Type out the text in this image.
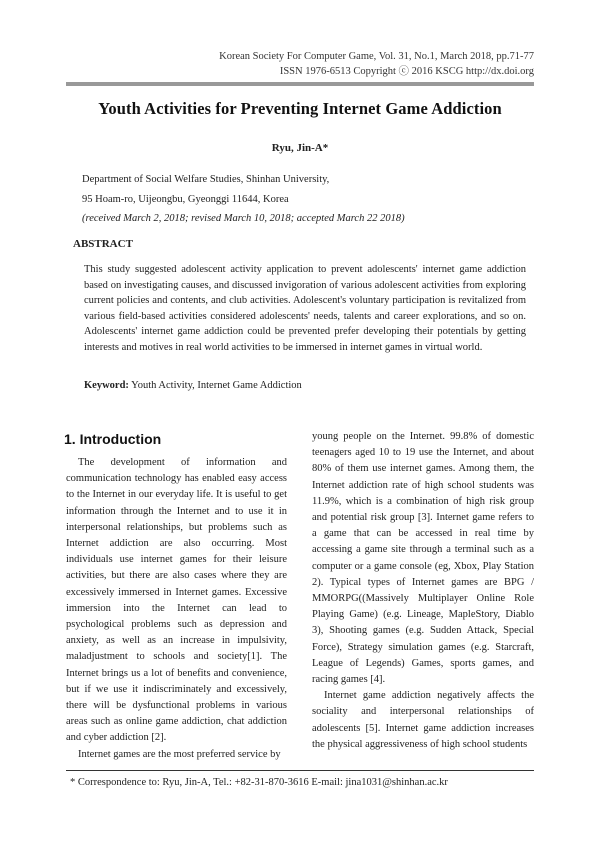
Korean Society For Computer Game, Vol. 31, No.1, March 2018, pp.71-77
ISSN 1976-6513 Copyright ⓒ 2016 KSCG http://dx.doi.org
Youth Activities for Preventing Internet Game Addiction
Ryu, Jin-A*
Department of Social Welfare Studies, Shinhan University,
95 Hoam-ro, Uijeongbu, Gyeonggi 11644, Korea
(received March 2, 2018; revised March 10, 2018; accepted March 22 2018)
ABSTRACT
This study suggested adolescent activity application to prevent adolescents' internet game addiction based on investigating causes, and discussed invigoration of various adolescent activities from exploring current policies and contents, and club activities. Adolescent's voluntary participation is revitalized from various field-based activities considered adolescents' needs, talents and career explorations, and so on. Adolescents' internet game addiction could be prevented prefer developing their potentials by getting interests and motives in real world activities to be immersed in internet games in virtual world.
Keyword: Youth Activity, Internet Game Addiction
1. Introduction

The development of information and communication technology has enabled easy access to the Internet in our everyday life. It is useful to get information through the Internet and to use it in interpersonal relationships, but problems such as Internet addiction are also occurring. Most individuals use internet games for their leisure activities, but there are also cases where they are excessively immersed in Internet games. Excessive immersion into the Internet can lead to psychological problems such as depression and anxiety, as well as an increase in impulsivity, maladjustment to schools and society[1]. The Internet brings us a lot of benefits and convenience, but if we use it indiscriminately and excessively, there will be dysfunctional problems in various areas such as online game addiction, chat addiction and cyber addiction [2].

Internet games are the most preferred service by

young people on the Internet. 99.8% of domestic teenagers aged 10 to 19 use the Internet, and about 80% of them use internet games. Among them, the Internet addiction rate of high school students was 11.9%, which is a combination of high risk group and potential risk group [3]. Internet game refers to a game that can be accessed in real time by accessing a game site through a terminal such as a computer or a game console (eg, Xbox, Play Station 2). Typical types of Internet games are BPG / MMORPG((Massively Multiplayer Online Role Playing Game) (e.g. Lineage, MapleStory, Diablo 3), Shooting games (e.g. Sudden Attack, Special Force), Strategy simulation games (e.g. Starcraft, League of Legends) Games, sports games, and racing games [4].

Internet game addiction negatively affects the sociality and interpersonal relationships of adolescents [5]. Internet game addiction increases the physical aggressiveness of high school students

* Correspondence to: Ryu, Jin-A, Tel.: +82-31-870-3616 E-mail: jina1031@shinhan.ac.kr
